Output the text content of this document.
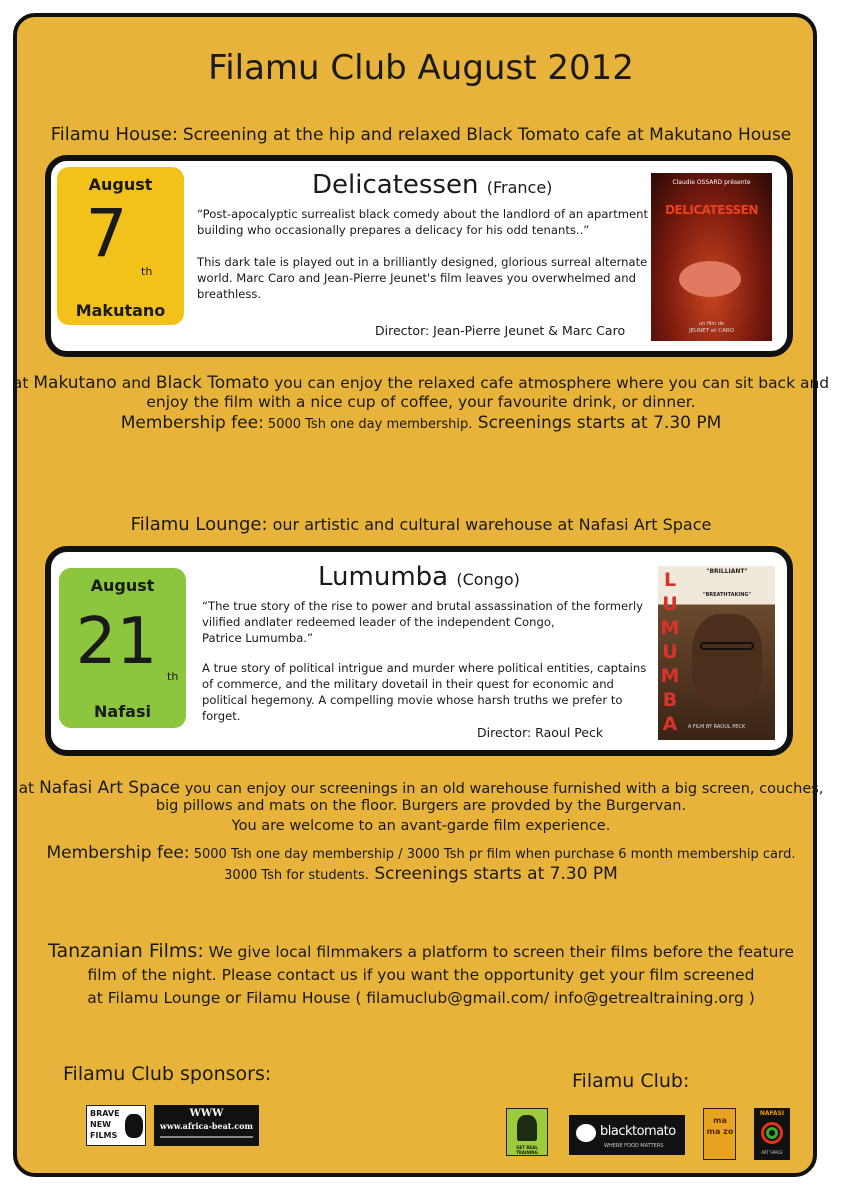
Filamu Club August 2012
Filamu House: Screening at the hip and relaxed Black Tomato cafe at Makutano House
August
7	th
Makutano
Delicatessen (France)
“Post-apocalyptic surrealist black comedy about the landlord of an apartment
building who occasionally prepares a delicacy for his odd tenants..”
This dark tale is played out in a brilliantly designed, glorious surreal alternate
world. Marc Caro and Jean-Pierre Jeunet's film leaves you overwhelmed and
breathless.
Director: Jean-Pierre Jeunet & Marc Caro
Claudie OSSARD présente
DELICATESSEN
un film de
JEUNET et CARO
at Makutano and Black Tomato you can enjoy the relaxed cafe atmosphere where you can sit back and
enjoy the film with a nice cup of coffee, your favourite drink, or dinner.
Membership fee: 5000 Tsh one day membership. Screenings starts at 7.30 PM
Filamu Lounge: our artistic and cultural warehouse at Nafasi Art Space
August
21 th
Nafasi
Lumumba (Congo)
“The true story of the rise to power and brutal assassination of the formerly
vilified andlater redeemed leader of the independent Congo,
Patrice Lumumba.”
A true story of political intrigue and murder where political entities, captains
of commerce, and the military dovetail in their quest for economic and
political hegemony. A compelling movie whose harsh truths we prefer to
forget.
Director: Raoul Peck
"BRILLIANT"
"BREATHTAKING"
LUMUMBA	A FILM BY RAOUL PECK
at Nafasi Art Space you can enjoy our screenings in an old warehouse furnished with a big screen, couches,
big pillows and mats on the floor. Burgers are provded by the Burgervan.
You are welcome to an avant-garde film experience.
Membership fee: 5000 Tsh one day membership / 3000 Tsh pr film when purchase 6 month membership card.
3000 Tsh for students. Screenings starts at 7.30 PM
Tanzanian Films: We give local filmmakers a platform to screen their films before the feature
film of the night. Please contact us if you want the opportunity get your film screened
at Filamu Lounge or Filamu House ( filamuclub@gmail.com/ info@getrealtraining.org )
Filamu Club sponsors:
BRAVE
NEW
FILMS
WWW
www.africa-beat.com
Filamu Club:
GET REAL TRAINING
blacktomato
WHERE FOOD MATTERS
ma ma zo
NAFASI
ART SPACE
